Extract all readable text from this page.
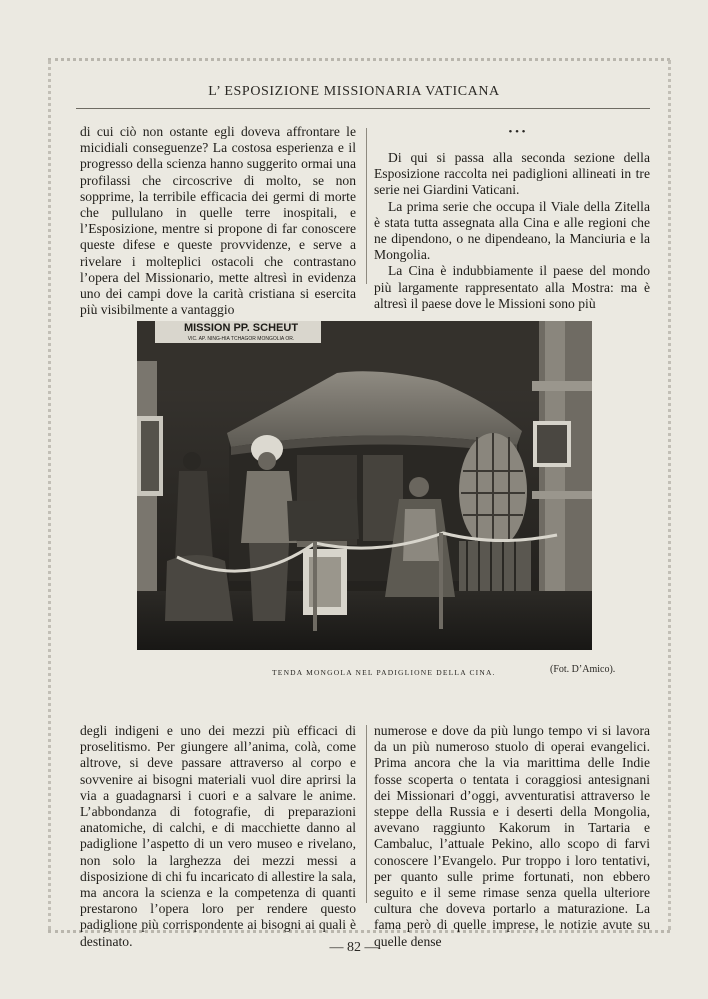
L’ ESPOSIZIONE MISSIONARIA VATICANA

di cui ciò non ostante egli doveva affrontare le micidiali conseguenze? La costosa esperienza e il progresso della scienza hanno suggerito ormai una profilassi che circoscrive di molto, se non sopprime, la terribile efficacia dei germi di morte che pullulano in quelle terre inospitali, e l’Esposizione, mentre si propone di far conoscere queste difese e queste provvidenze, e serve a rivelare i molteplici ostacoli che contrastano l’opera del Missionario, mette altresì in evidenza uno dei campi dove la carità cristiana si esercita più visibilmente a vantaggio

• • •

Di qui si passa alla seconda sezione della Esposizione raccolta nei padiglioni allineati in tre serie nei Giardini Vaticani.

La prima serie che occupa il Viale della Zitella è stata tutta assegnata alla Cina e alle regioni che ne dipendono, o ne dipendeano, la Manciuria e la Mongolia.

La Cina è indubbiamente il paese del mondo più largamente rappresentato alla Mostra: ma è altresì il paese dove le Missioni sono più

MISSION PP. SCHEUT
VIC. AP. NING-HIA TCHAGOR MONGOLIA OR.
TENDA MONGOLA NEL PADIGLIONE DELLA CINA.	(Fot. D’Amico).

degli indigeni e uno dei mezzi più efficaci di proselitismo. Per giungere all’anima, colà, come altrove, si deve passare attraverso al corpo e sovvenire ai bisogni materiali vuol dire aprirsi la via a guadagnarsi i cuori e a salvare le anime. L’abbondanza di fotografie, di preparazioni anatomiche, di calchi, e di macchiette danno al padiglione l’aspetto di un vero museo e rivelano, non solo la larghezza dei mezzi messi a disposizione di chi fu incaricato di allestire la sala, ma ancora la scienza e la competenza di quanti prestarono l’opera loro per rendere questo padiglione più corrispondente ai bisogni ai quali è destinato.

numerose e dove da più lungo tempo vi si lavora da un più numeroso stuolo di operai evangelici. Prima ancora che la via marittima delle Indie fosse scoperta o tentata i coraggiosi antesignani dei Missionari d’oggi, avventuratisi attraverso le steppe della Russia e i deserti della Mongolia, avevano raggiunto Kakorum in Tartaria e Cambaluc, l’attuale Pekino, allo scopo di farvi conoscere l’Evangelo. Pur troppo i loro tentativi, per quanto sulle prime fortunati, non ebbero seguito e il seme rimase senza quella ulteriore cultura che doveva portarlo a maturazione. La fama però di quelle imprese, le notizie avute su quelle dense

— 82 —
